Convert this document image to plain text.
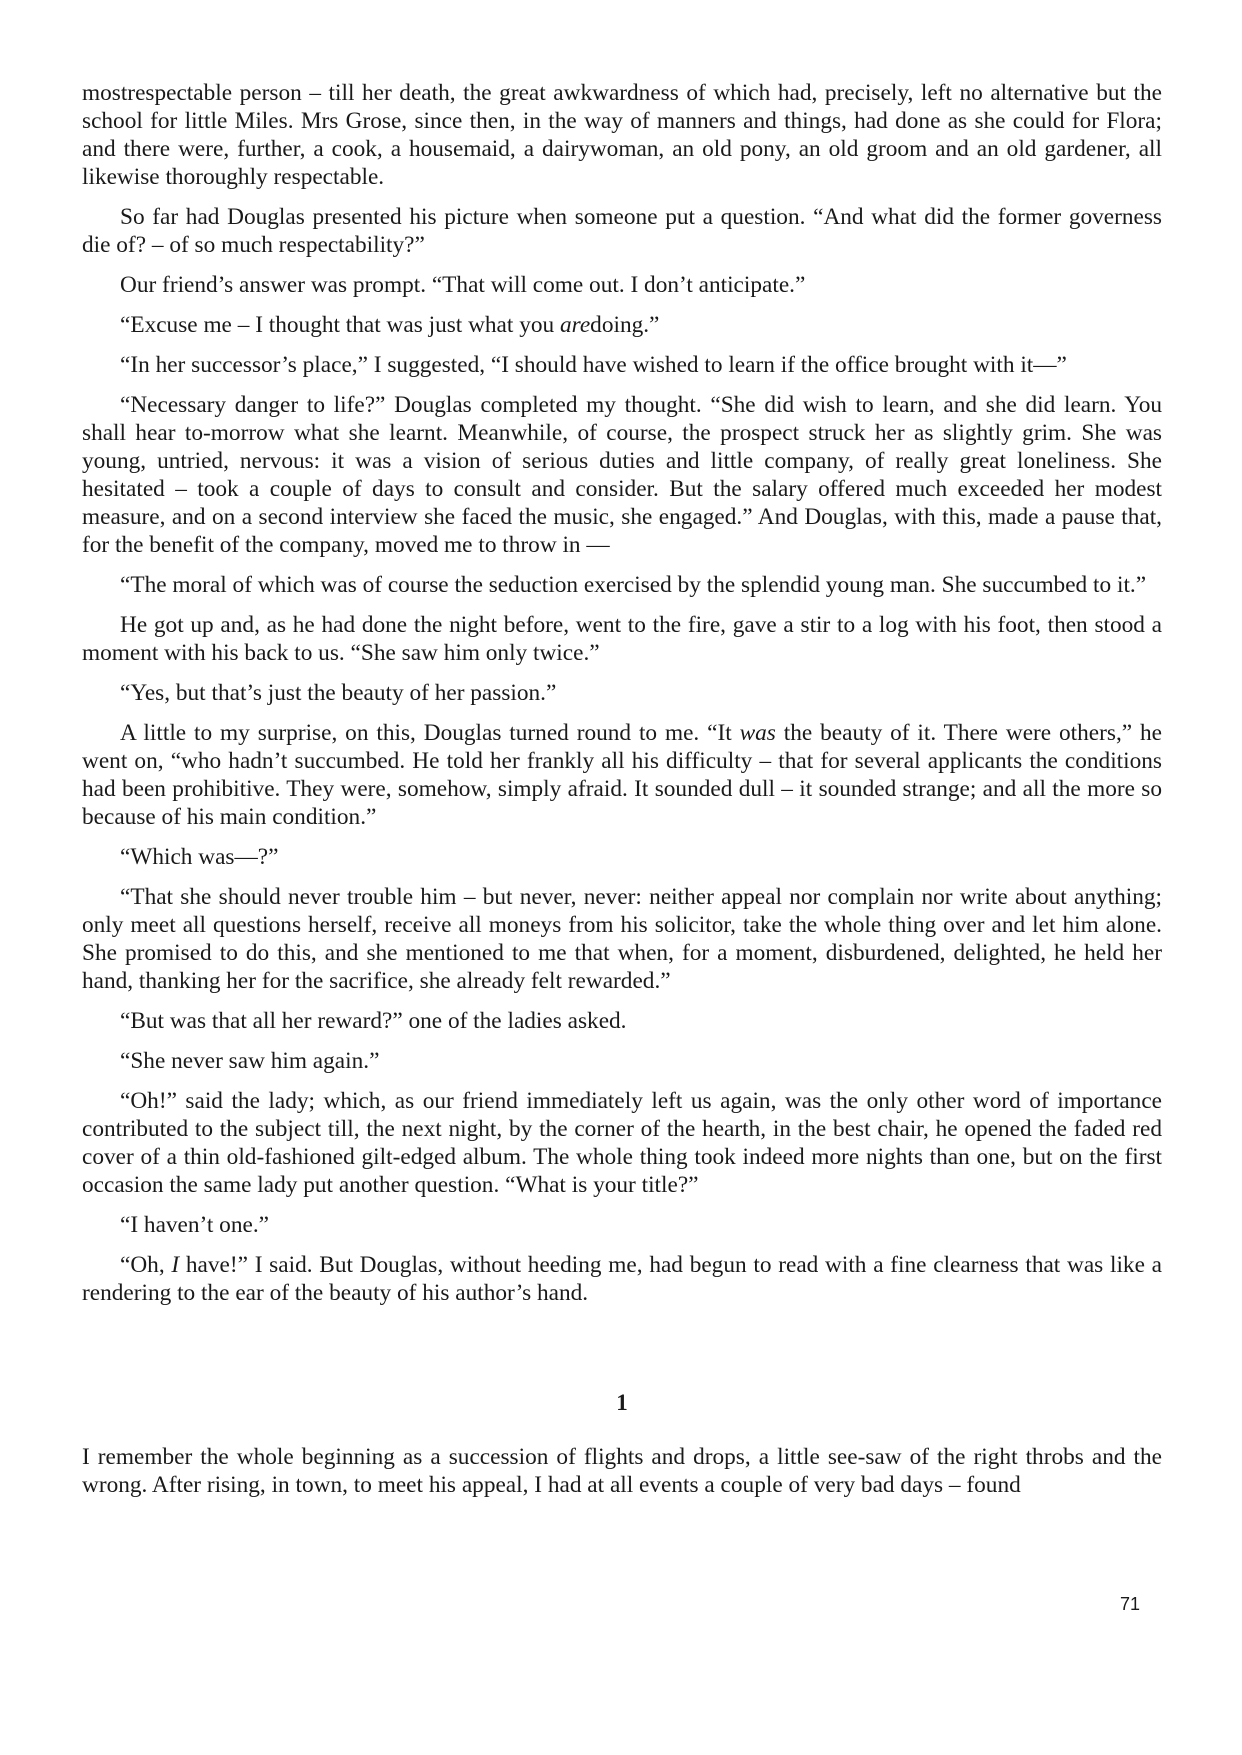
mostrespectable person – till her death, the great awkwardness of which had, precisely, left no alternative but the school for little Miles. Mrs Grose, since then, in the way of manners and things, had done as she could for Flora; and there were, further, a cook, a housemaid, a dairywoman, an old pony, an old groom and an old gardener, all likewise thoroughly respectable.

So far had Douglas presented his picture when someone put a question. “And what did the former governess die of? – of so much respectability?”

Our friend’s answer was prompt. “That will come out. I don’t anticipate.”

“Excuse me – I thought that was just what you aredoing.”

“In her successor’s place,” I suggested, “I should have wished to learn if the office brought with it—”

“Necessary danger to life?” Douglas completed my thought. “She did wish to learn, and she did learn. You shall hear to-morrow what she learnt. Meanwhile, of course, the prospect struck her as slightly grim. She was young, untried, nervous: it was a vision of serious duties and little company, of really great loneliness. She hesitated – took a couple of days to consult and consider. But the salary offered much exceeded her modest measure, and on a second interview she faced the music, she engaged.” And Douglas, with this, made a pause that, for the benefit of the company, moved me to throw in ―

“The moral of which was of course the seduction exercised by the splendid young man. She succumbed to it.”

He got up and, as he had done the night before, went to the fire, gave a stir to a log with his foot, then stood a moment with his back to us. “She saw him only twice.”

“Yes, but that’s just the beauty of her passion.”

A little to my surprise, on this, Douglas turned round to me. “It was the beauty of it. There were others,” he went on, “who hadn’t succumbed. He told her frankly all his difficulty – that for several applicants the conditions had been prohibitive. They were, somehow, simply afraid. It sounded dull – it sounded strange; and all the more so because of his main condition.”

“Which was—?”

“That she should never trouble him – but never, never: neither appeal nor complain nor write about anything; only meet all questions herself, receive all moneys from his solicitor, take the whole thing over and let him alone. She promised to do this, and she mentioned to me that when, for a moment, disburdened, delighted, he held her hand, thanking her for the sacrifice, she already felt rewarded.”

“But was that all her reward?” one of the ladies asked.

“She never saw him again.”

“Oh!” said the lady; which, as our friend immediately left us again, was the only other word of importance contributed to the subject till, the next night, by the corner of the hearth, in the best chair, he opened the faded red cover of a thin old-fashioned gilt-edged album. The whole thing took indeed more nights than one, but on the first occasion the same lady put another question. “What is your title?”

“I haven’t one.”

“Oh, I have!” I said. But Douglas, without heeding me, had begun to read with a fine clearness that was like a rendering to the ear of the beauty of his author’s hand.

1

I remember the whole beginning as a succession of flights and drops, a little see-saw of the right throbs and the wrong. After rising, in town, to meet his appeal, I had at all events a couple of very bad days – found

71
